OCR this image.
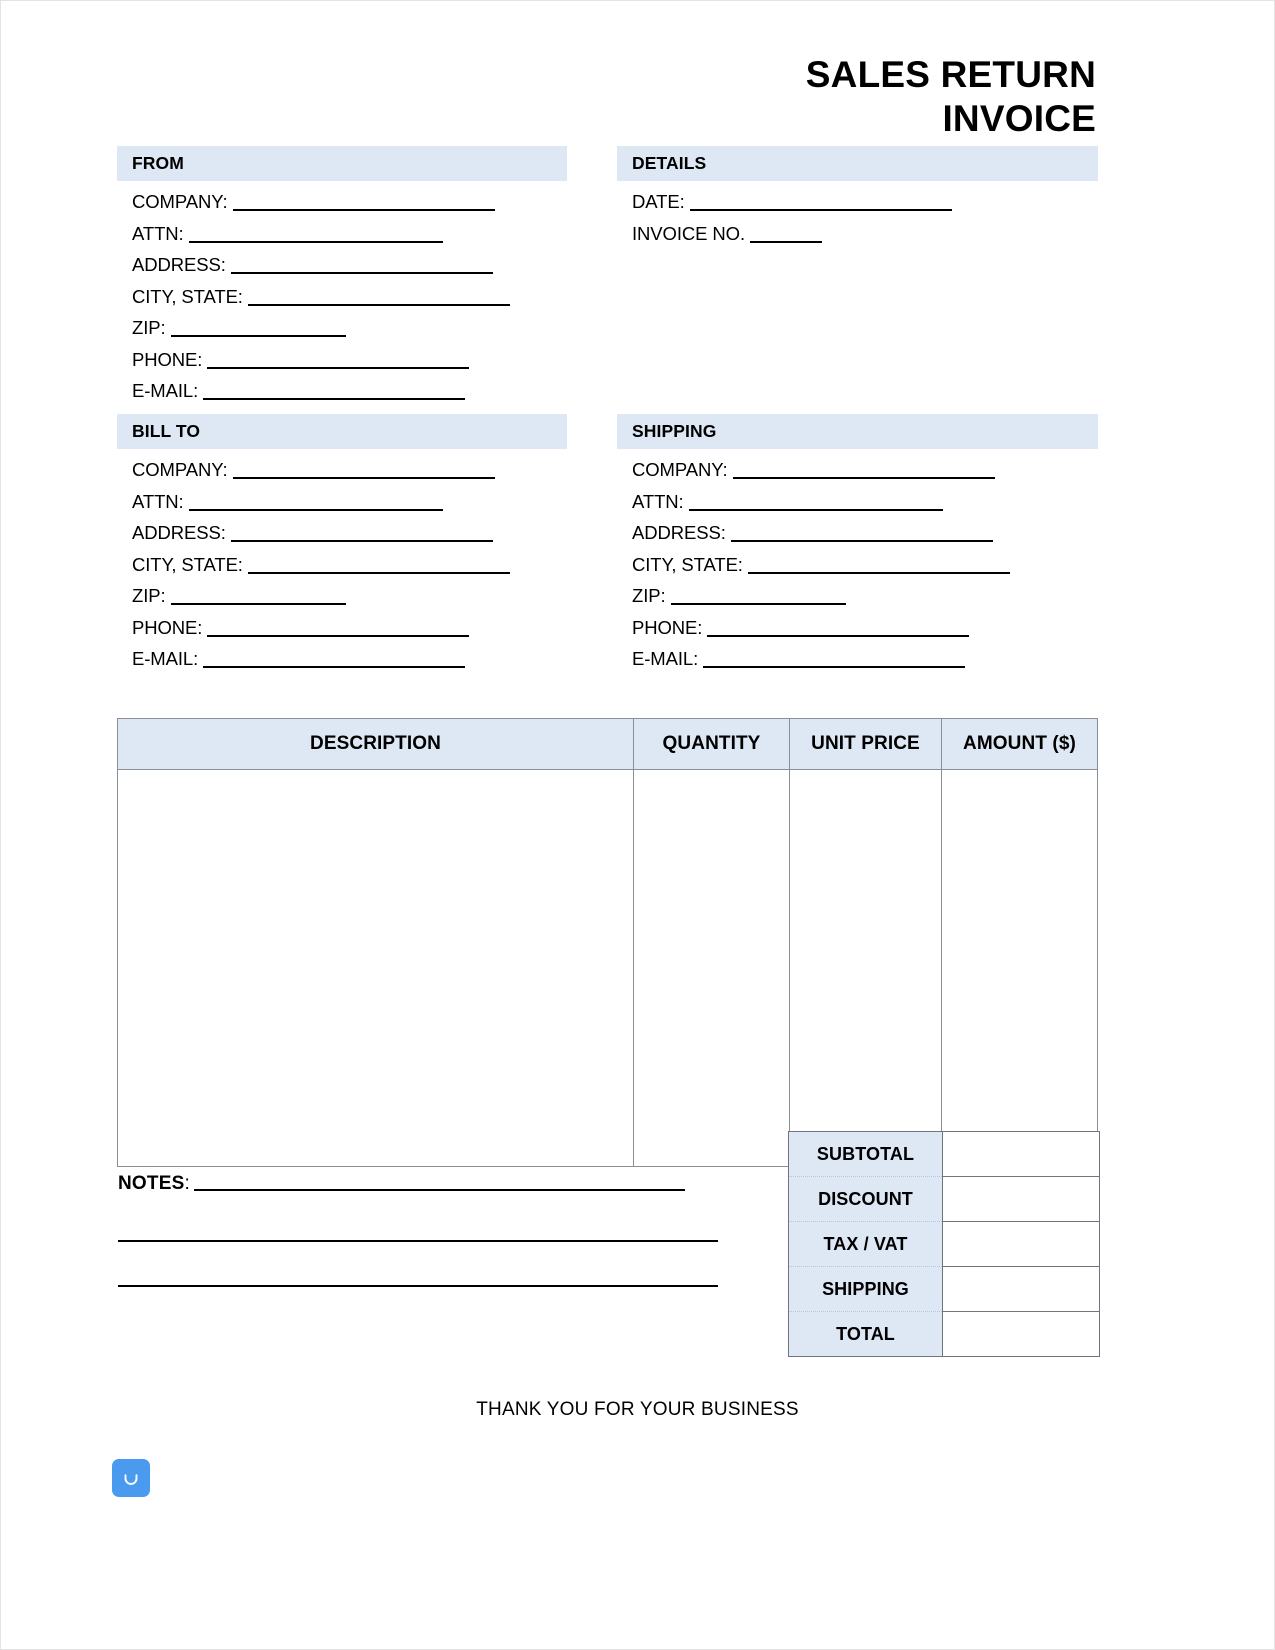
SALES RETURN
INVOICE
FROM
COMPANY:
ATTN:
ADDRESS:
CITY, STATE:
ZIP:
PHONE:
E-MAIL:
DETAILS
DATE:
INVOICE NO.
BILL TO
COMPANY:
ATTN:
ADDRESS:
CITY, STATE:
ZIP:
PHONE:
E-MAIL:
SHIPPING
COMPANY:
ATTN:
ADDRESS:
CITY, STATE:
ZIP:
PHONE:
E-MAIL:
DESCRIPTION	QUANTITY	UNIT PRICE	AMOUNT ($)

SUBTOTAL	
DISCOUNT	
TAX / VAT	
SHIPPING	
TOTAL	
NOTES:
THANK YOU FOR YOUR BUSINESS
